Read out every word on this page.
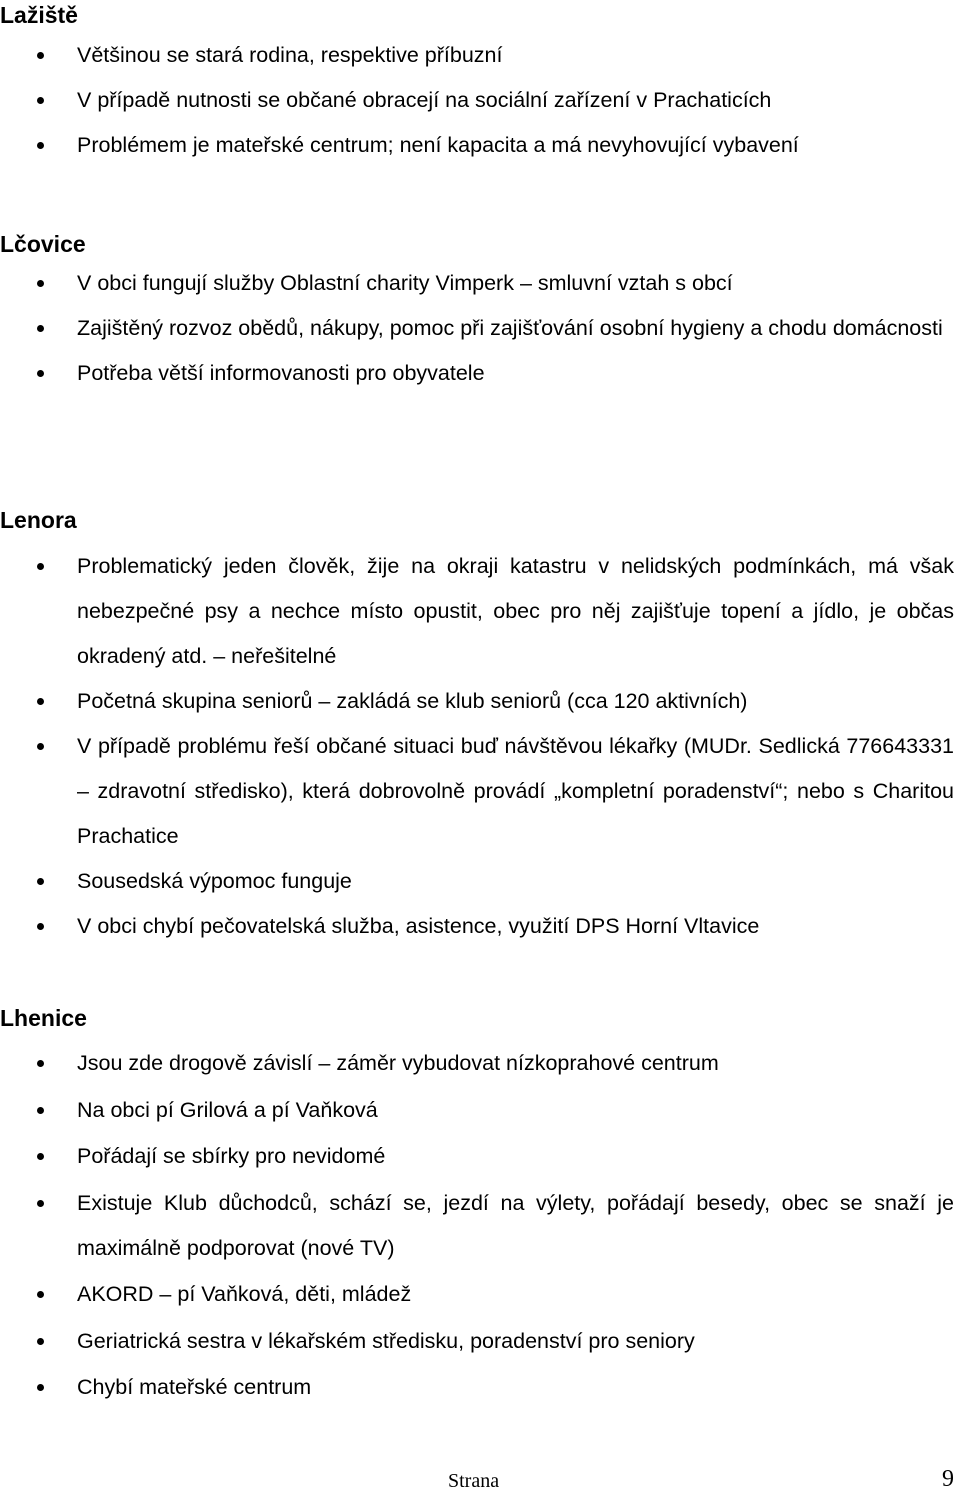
Lažiště
Většinou se stará rodina, respektive příbuzní
V případě nutnosti se občané obracejí na sociální zařízení v Prachaticích
Problémem je mateřské centrum; není kapacita a má nevyhovující vybavení
Lčovice
V obci fungují služby Oblastní charity Vimperk – smluvní vztah s obcí
Zajištěný rozvoz obědů, nákupy, pomoc při zajišťování osobní hygieny a chodu domácnosti
Potřeba větší informovanosti pro obyvatele
Lenora
Problematický jeden člověk, žije na okraji katastru v nelidských podmínkách, má však nebezpečné psy a nechce místo opustit, obec pro něj zajišťuje topení a jídlo, je občas okradený atd. – neřešitelné
Početná skupina seniorů – zakládá se klub seniorů (cca 120 aktivních)
V případě problému řeší občané situaci buď návštěvou lékařky (MUDr. Sedlická 776643331 – zdravotní středisko), která dobrovolně provádí „kompletní poradenství“; nebo s Charitou Prachatice
Sousedská výpomoc funguje
V obci chybí pečovatelská služba, asistence, využití DPS Horní Vltavice
Lhenice
Jsou zde drogově závislí – záměr vybudovat nízkoprahové centrum
Na obci pí Grilová a pí Vaňková
Pořádají se sbírky pro nevidomé
Existuje Klub důchodců, schází se, jezdí na výlety, pořádají besedy, obec se snaží je maximálně podporovat (nové TV)
AKORD – pí Vaňková, děti, mládež
Geriatrická sestra v lékařském středisku, poradenství pro seniory
Chybí mateřské centrum
Strana	9
